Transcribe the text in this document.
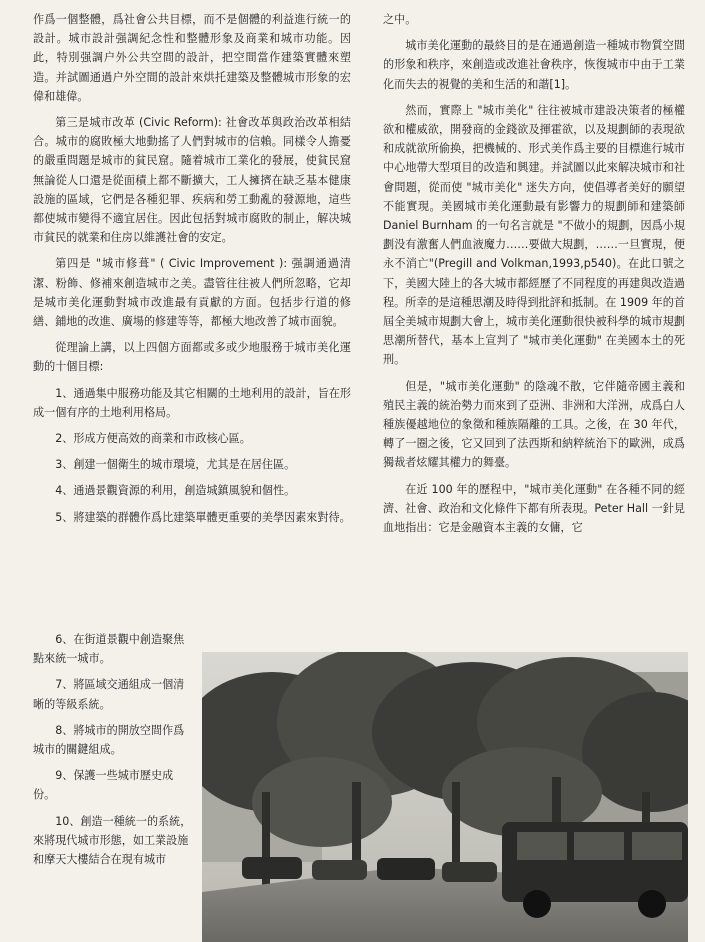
作爲一個整體，爲社會公共目標，而不是個體的利益進行統一的設計。城市設計强調紀念性和整體形象及商業和城市功能。因此，特別强調户外公共空間的設計，把空間當作建築實體來塑造。并試圖通過户外空間的設計來烘托建築及整體城市形象的宏偉和雄偉。

第三是城市改革 (Civic Reform): 社會改革與政治改革相結合。城市的腐敗極大地動搖了人們對城市的信賴。同樣令人擔憂的嚴重問題是城市的貧民窟。隨着城市工業化的發展，使貧民窟無論從人口還是從面積上都不斷擴大，工人擁擠在缺乏基本健康設施的區域，它們是各種犯罪、疾病和勞工動亂的發源地，這些都使城市變得不適宜居住。因此包括對城市腐敗的制止，解决城市貧民的就業和住房以維護社會的安定。

第四是 "城市修葺" ( Civic Improvement ): 强調通過清潔、粉飾、修補來創造城市之美。盡管往往被人們所忽略，它却是城市美化運動對城市改進最有貢獻的方面。包括步行道的修繕、鋪地的改進、廣場的修建等等，都極大地改善了城市面貌。

從理論上講，以上四個方面都或多或少地服務于城市美化運動的十個目標:

1、通過集中服務功能及其它相關的土地利用的設計，旨在形成一個有序的土地利用格局。

2、形成方便高效的商業和市政核心區。

3、創建一個衛生的城市環境，尤其是在居住區。

4、通過景觀資源的利用，創造城鎮風貌和個性。

5、將建築的群體作爲比建築單體更重要的美學因素來對待。

6、在街道景觀中創造聚焦點來統一城市。

7、將區域交通組成一個清晰的等級系統。

8、將城市的開放空間作爲城市的關鍵組成。

9、保護一些城市歷史成份。

10、創造一種統一的系統，來將現代城市形態，如工業設施和摩天大樓結合在現有城市

之中。

城市美化運動的最終目的是在通過創造一種城市物質空間的形象和秩序，來創造或改進社會秩序，恢復城市中由于工業化而失去的視覺的美和生活的和諧[1]。

然而，實際上 "城市美化" 往往被城市建設决策者的極權欲和權威欲，開發商的金錢欲及揮霍欲，以及規劃師的表現欲和成就欲所偷换，把機械的、形式美作爲主要的目標進行城市中心地帶大型項目的改造和興建。并試圖以此來解决城市和社會問題，從而使 "城市美化" 迷失方向，使倡導者美好的願望不能實現。美國城市美化運動最有影響力的規劃師和建築師 Daniel Burnham 的一句名言就是 "不做小的規劃，因爲小規劃没有激奮人們血液魔力……要做大規劃，……一旦實現，便永不消亡"(Pregill and Volkman,1993,p540)。在此口號之下，美國大陸上的各大城市都經歷了不同程度的再建與改造過程。所幸的是這種思潮及時得到批評和抵制。在 1909 年的首屆全美城市規劃大會上，城市美化運動很快被科學的城市規劃思潮所替代，基本上宣判了 "城市美化運動" 在美國本土的死刑。

但是，"城市美化運動" 的陰魂不散，它伴隨帝國主義和殖民主義的統治勢力而來到了亞洲、非洲和大洋洲，成爲白人種族優越地位的象徵和種族隔離的工具。之後，在 30 年代，轉了一圈之後，它又回到了法西斯和納粹統治下的歐洲，成爲獨裁者炫耀其權力的舞臺。

在近 100 年的歷程中，"城市美化運動" 在各種不同的經濟、社會、政治和文化條件下都有所表現。Peter Hall 一針見血地指出：它是金融資本主義的女傭，它
